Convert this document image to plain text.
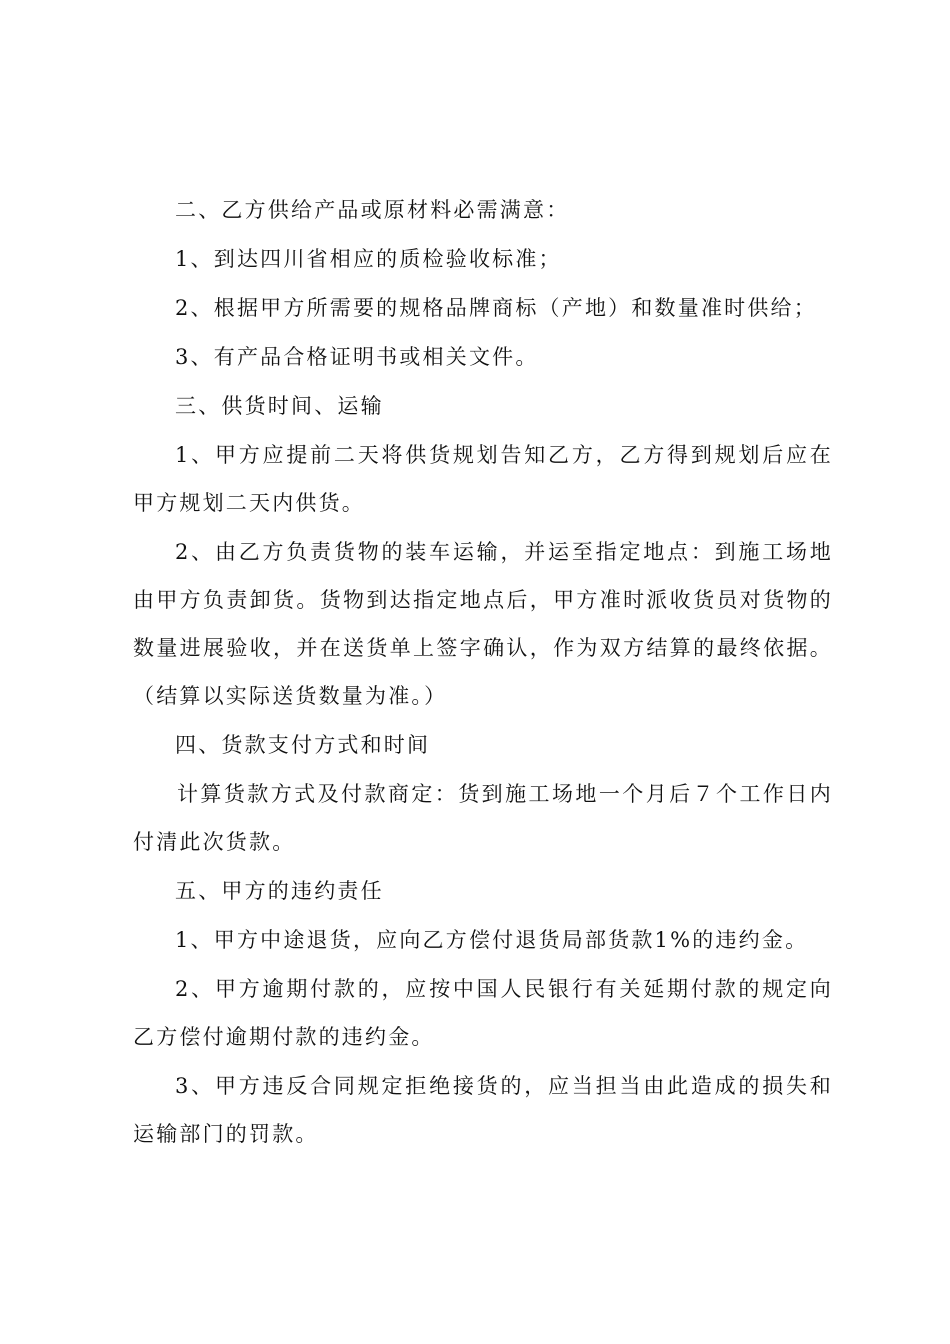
二、乙方供给产品或原材料必需满意：

1、到达四川省相应的质检验收标准；

2、根据甲方所需要的规格品牌商标（产地）和数量准时供给；

3、有产品合格证明书或相关文件。

三、供货时间、运输

1、甲方应提前二天将供货规划告知乙方，乙方得到规划后应在甲方规划二天内供货。

2、由乙方负责货物的装车运输，并运至指定地点：到施工场地由甲方负责卸货。货物到达指定地点后，甲方准时派收货员对货物的数量进展验收，并在送货单上签字确认，作为双方结算的最终依据。（结算以实际送货数量为准。）

四、货款支付方式和时间

计算货款方式及付款商定：货到施工场地一个月后７个工作日内付清此次货款。

五、甲方的违约责任

1、甲方中途退货，应向乙方偿付退货局部货款1%的违约金。

2、甲方逾期付款的，应按中国人民银行有关延期付款的规定向乙方偿付逾期付款的违约金。

3、甲方违反合同规定拒绝接货的，应当担当由此造成的损失和运输部门的罚款。
